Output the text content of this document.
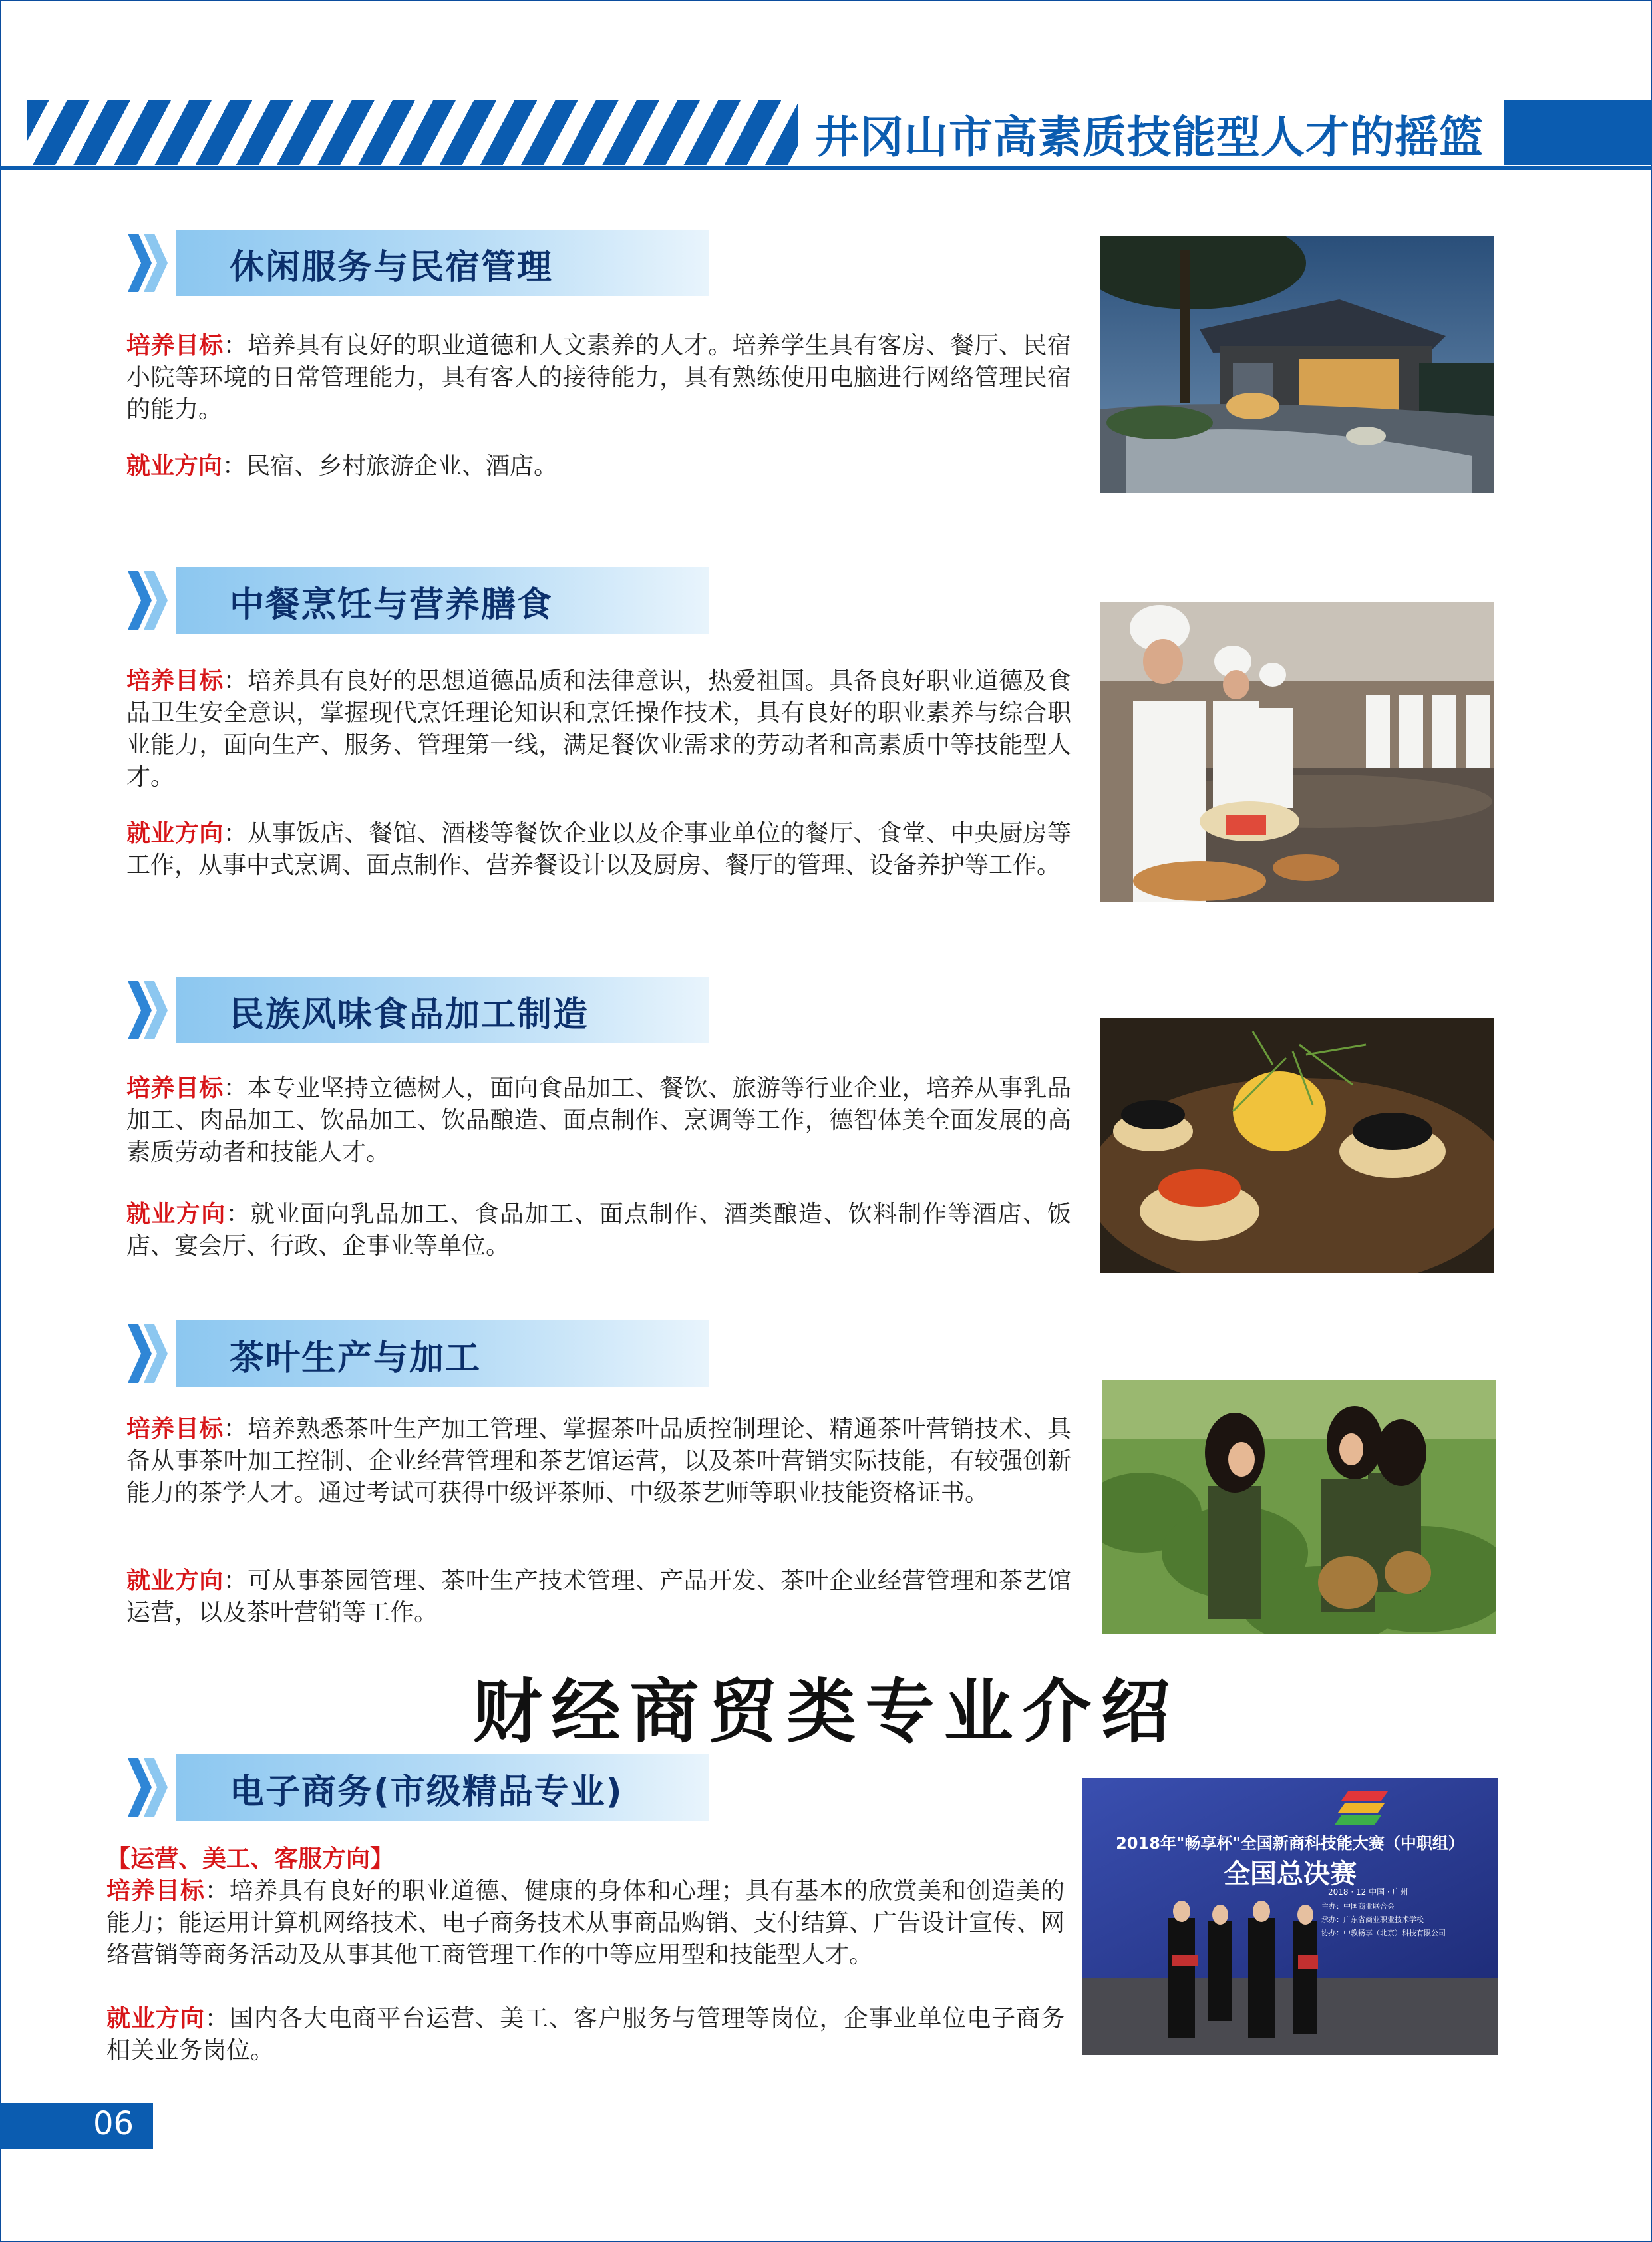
井冈山市高素质技能型人才的摇篮
休闲服务与民宿管理
培养目标：培养具有良好的职业道德和人文素养的人才。培养学生具有客房、餐厅、民宿小院等环境的日常管理能力，具有客人的接待能力，具有熟练使用电脑进行网络管理民宿的能力。
就业方向：民宿、乡村旅游企业、酒店。
中餐烹饪与营养膳食
培养目标：培养具有良好的思想道德品质和法律意识，热爱祖国。具备良好职业道德及食品卫生安全意识，掌握现代烹饪理论知识和烹饪操作技术，具有良好的职业素养与综合职业能力，面向生产、服务、管理第一线，满足餐饮业需求的劳动者和高素质中等技能型人才。
就业方向：从事饭店、餐馆、酒楼等餐饮企业以及企事业单位的餐厅、食堂、中央厨房等工作，从事中式烹调、面点制作、营养餐设计以及厨房、餐厅的管理、设备养护等工作。
民族风味食品加工制造
培养目标：本专业坚持立德树人，面向食品加工、餐饮、旅游等行业企业，培养从事乳品加工、肉品加工、饮品加工、饮品酿造、面点制作、烹调等工作，德智体美全面发展的高素质劳动者和技能人才。
就业方向：就业面向乳品加工、食品加工、面点制作、酒类酿造、饮料制作等酒店、饭店、宴会厅、行政、企事业等单位。
茶叶生产与加工
培养目标：培养熟悉茶叶生产加工管理、掌握茶叶品质控制理论、精通茶叶营销技术、具备从事茶叶加工控制、企业经营管理和茶艺馆运营，以及茶叶营销实际技能，有较强创新能力的茶学人才。通过考试可获得中级评茶师、中级茶艺师等职业技能资格证书。
就业方向：可从事茶园管理、茶叶生产技术管理、产品开发、茶叶企业经营管理和茶艺馆运营，以及茶叶营销等工作。
财经商贸类专业介绍
电子商务(市级精品专业)
【运营、美工、客服方向】
培养目标：培养具有良好的职业道德、健康的身体和心理；具有基本的欣赏美和创造美的能力；能运用计算机网络技术、电子商务技术从事商品购销、支付结算、广告设计宣传、网络营销等商务活动及从事其他工商管理工作的中等应用型和技能型人才。
就业方向：国内各大电商平台运营、美工、客户服务与管理等岗位，企事业单位电子商务相关业务岗位。
2018年"畅享杯"全国新商科技能大赛（中职组）
全国总决赛
2018 · 12 中国 · 广州
主办：中国商业联合会
承办：广东省商业职业技术学校
协办：中教畅享（北京）科技有限公司
06
